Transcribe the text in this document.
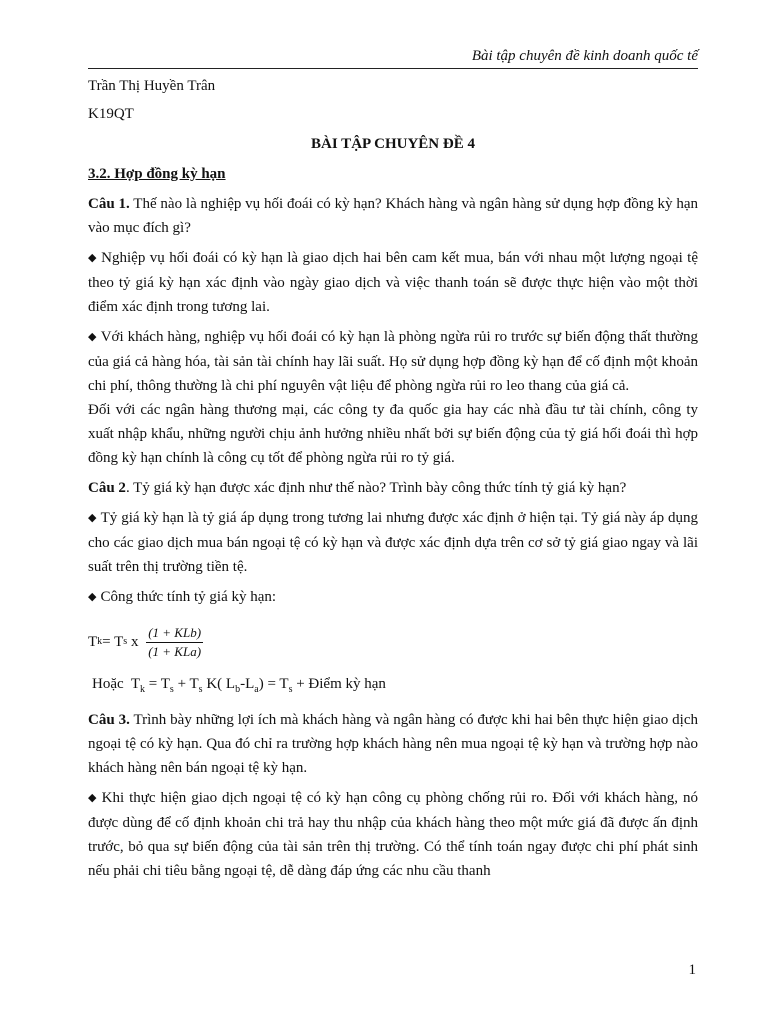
Bài tập chuyên đề kinh doanh quốc tế
Trần Thị Huyền Trân
K19QT
BÀI TẬP CHUYÊN ĐỀ 4
3.2. Hợp đồng kỳ hạn

Câu 1. Thế nào là nghiệp vụ hối đoái có kỳ hạn? Khách hàng và ngân hàng sử dụng hợp đồng kỳ hạn vào mục đích gì?

◆ Nghiệp vụ hối đoái có kỳ hạn là giao dịch hai bên cam kết mua, bán với nhau một lượng ngoại tệ theo tỷ giá kỳ hạn xác định vào ngày giao dịch và việc thanh toán sẽ được thực hiện vào một thời điểm xác định trong tương lai.

◆ Với khách hàng, nghiệp vụ hối đoái có kỳ hạn là phòng ngừa rủi ro trước sự biến động thất thường của giá cả hàng hóa, tài sản tài chính hay lãi suất. Họ sử dụng hợp đồng kỳ hạn để cố định một khoản chi phí, thông thường là chi phí nguyên vật liệu để phòng ngừa rủi ro leo thang của giá cả.

Đối với các ngân hàng thương mại, các công ty đa quốc gia hay các nhà đầu tư tài chính, công ty xuất nhập khẩu, những người chịu ảnh hưởng nhiều nhất bởi sự biến động của tỷ giá hối đoái thì hợp đồng kỳ hạn chính là công cụ tốt để phòng ngừa rủi ro tỷ giá.

Câu 2. Tỷ giá kỳ hạn được xác định như thế nào? Trình bày công thức tính tỷ giá kỳ hạn?

◆ Tỷ giá kỳ hạn là tỷ giá áp dụng trong tương lai nhưng được xác định ở hiện tại. Tỷ giá này áp dụng cho các giao dịch mua bán ngoại tệ có kỳ hạn và được xác định dựa trên cơ sở tỷ giá giao ngay và lãi suất trên thị trường tiền tệ.

◆ Công thức tính tỷ giá kỳ hạn:

T k = T s x $\frac{\text{(1 + KLb)}}{\text{(1 + KLa)}}$
Hoặc  $T_k = T_s + T_s$ K( $L_b-L_a) = T_s$ + Điểm kỳ hạn

Câu 3. Trình bày những lợi ích mà khách hàng và ngân hàng có được khi hai bên thực hiện giao dịch ngoại tệ có kỳ hạn. Qua đó chỉ ra trường hợp khách hàng nên mua ngoại tệ kỳ hạn và trường hợp nào khách hàng nên bán ngoại tệ kỳ hạn.

◆ Khi thực hiện giao dịch ngoại tệ có kỳ hạn công cụ phòng chống rủi ro. Đối với khách hàng, nó được dùng để cố định khoản chi trả hay thu nhập của khách hàng theo một mức giá đã được ấn định trước, bỏ qua sự biến động của tài sản trên thị trường. Có thể tính toán ngay được chi phí phát sinh nếu phải chi tiêu bằng ngoại tệ, dễ dàng đáp ứng các nhu cầu thanh

1
